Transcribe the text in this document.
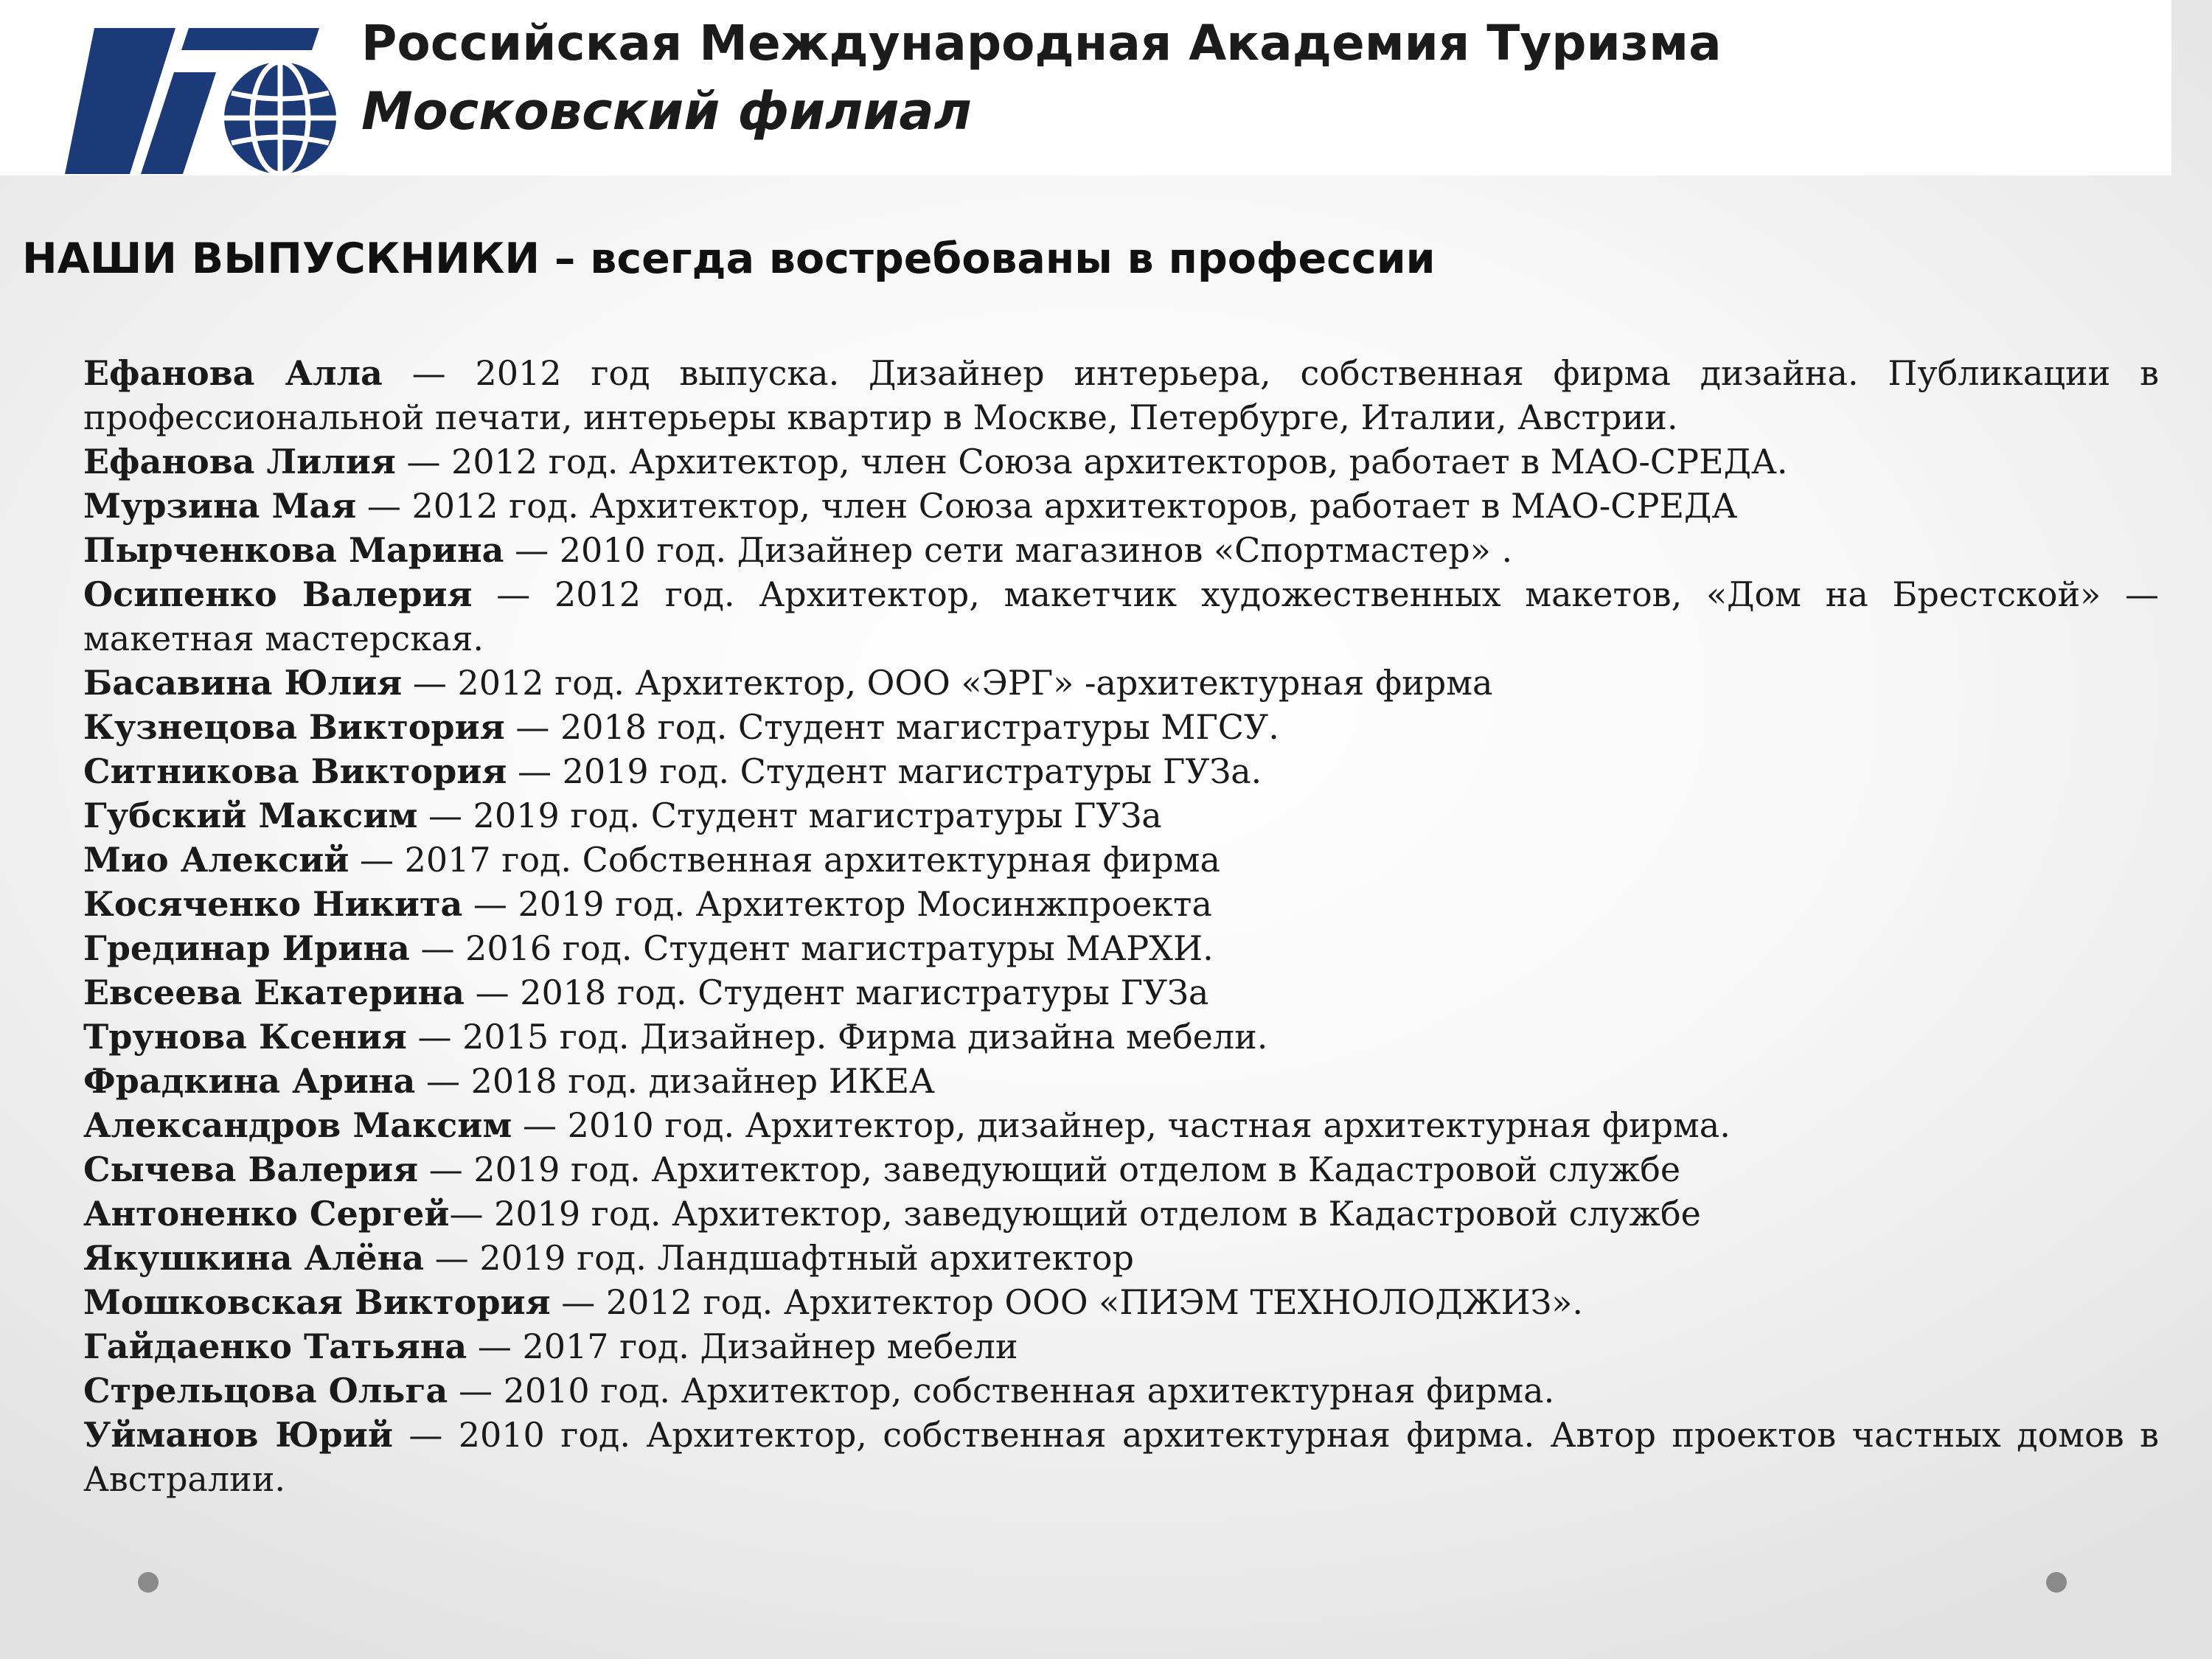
Российская Международная Академия Туризма
Московский филиал
НАШИ ВЫПУСКНИКИ – всегда востребованы в профессии
Ефанова Алла — 2012 год выпуска. Дизайнер интерьера, собственная фирма дизайна. Публикации в профессиональной печати, интерьеры квартир в Москве, Петербурге, Италии, Австрии.
Ефанова Лилия — 2012 год. Архитектор, член Союза архитекторов, работает в МАО-СРЕДА.
Мурзина Мая — 2012 год. Архитектор, член Союза архитекторов, работает в МАО-СРЕДА
Пырченкова Марина — 2010 год. Дизайнер сети магазинов «Спортмастер» .
Осипенко Валерия — 2012 год. Архитектор, макетчик художественных макетов, «Дом на Брестской» — макетная мастерская.
Басавина Юлия — 2012 год. Архитектор, ООО «ЭРГ» -архитектурная фирма
Кузнецова Виктория — 2018 год. Студент магистратуры МГСУ.
Ситникова Виктория — 2019 год. Студент магистратуры ГУЗа.
Губский Максим — 2019 год. Студент магистратуры ГУЗа
Мио Алексий — 2017 год. Собственная архитектурная фирма
Косяченко Никита — 2019 год. Архитектор Мосинжпроекта
Грединар Ирина — 2016 год. Студент магистратуры МАРХИ.
Евсеева Екатерина — 2018 год. Студент магистратуры ГУЗа
Трунова Ксения — 2015 год. Дизайнер. Фирма дизайна мебели.
Фрадкина Арина — 2018 год. дизайнер ИКЕА
Александров Максим — 2010 год. Архитектор, дизайнер, частная архитектурная фирма.
Сычева Валерия — 2019 год. Архитектор, заведующий отделом в Кадастровой службе
Антоненко Сергей— 2019 год. Архитектор, заведующий отделом в Кадастровой службе
Якушкина Алёна — 2019 год. Ландшафтный архитектор
Мошковская Виктория — 2012 год. Архитектор ООО «ПИЭМ ТЕХНОЛОДЖИЗ».
Гайдаенко Татьяна — 2017 год. Дизайнер мебели
Стрельцова Ольга — 2010 год. Архитектор, собственная архитектурная фирма.
Уйманов Юрий — 2010 год. Архитектор, собственная архитектурная фирма. Автор проектов частных домов в Австралии.
